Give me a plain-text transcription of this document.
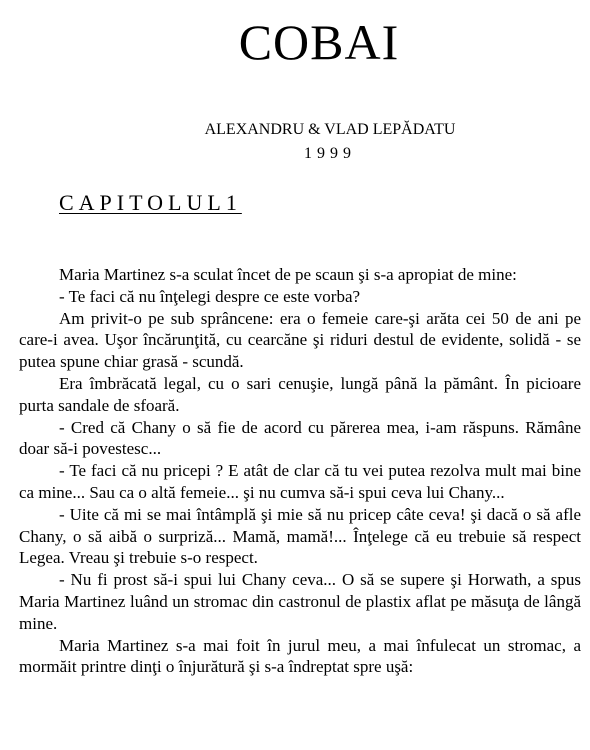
COBAI
ALEXANDRU & VLAD LEPĂDATU
1999
CAPITOLUL1

Maria Martinez s-a sculat încet de pe scaun şi s-a apropiat de mine:

- Te faci că nu înţelegi despre ce este vorba?

Am privit-o pe sub sprâncene: era o femeie care-şi arăta cei 50 de ani pe care-i avea. Uşor încărunţită, cu cearcăne şi riduri destul de evidente, solidă - se putea spune chiar grasă - scundă.

Era îmbrăcată legal, cu o sari cenuşie, lungă până la pământ. În picioare purta sandale de sfoară.

- Cred că Chany o să fie de acord cu părerea mea, i-am răspuns. Rămâne doar să-i povestesc...

- Te faci că nu pricepi ? E atât de clar că tu vei putea rezolva mult mai bine ca mine... Sau ca o altă femeie... şi nu cumva să-i spui ceva lui Chany...

- Uite că mi se mai întâmplă şi mie să nu pricep câte ceva! şi dacă o să afle Chany, o să aibă o surpriză... Mamă, mamă!... Înţelege că eu trebuie să respect Legea. Vreau şi trebuie s-o respect.

- Nu fi prost să-i spui lui Chany ceva... O să se supere şi Horwath, a spus Maria Martinez luând un stromac din castronul de plastix aflat pe măsuţa de lângă mine.

Maria Martinez s-a mai foit în jurul meu, a mai înfulecat un stromac, a mormăit printre dinţi o înjurătură şi s-a îndreptat spre uşă:
